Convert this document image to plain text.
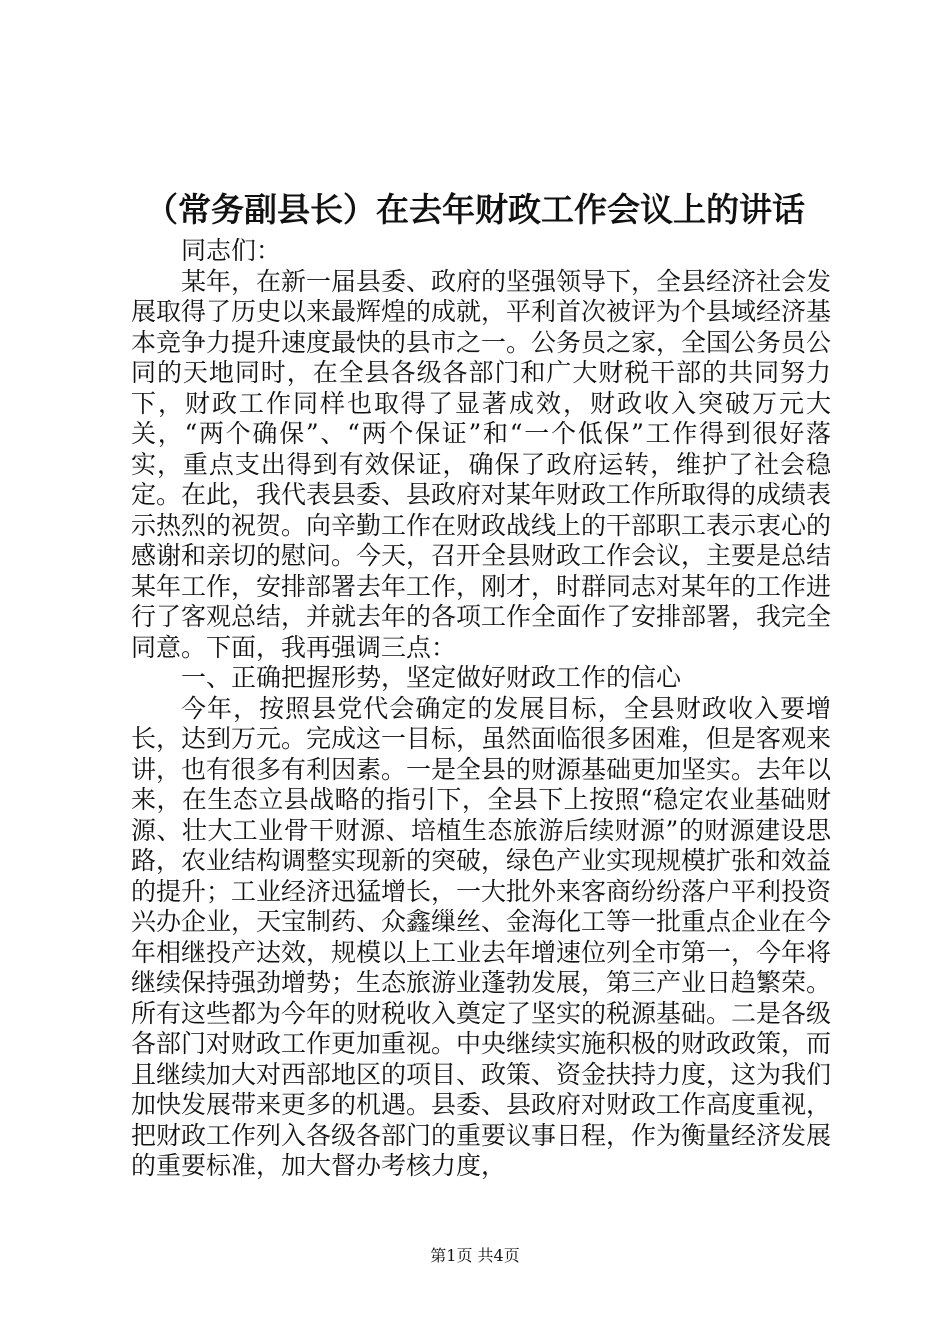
（常务副县长）在去年财政工作会议上的讲话

同志们：

某年，在新一届县委、政府的坚强领导下，全县经济社会发展取得了历史以来最辉煌的成就，平利首次被评为个县域经济基本竞争力提升速度最快的县市之一。公务员之家，全国公务员公同的天地同时，在全县各级各部门和广大财税干部的共同努力下，财政工作同样也取得了显著成效，财政收入突破万元大关，“两个确保”、“两个保证”和“一个低保”工作得到很好落实，重点支出得到有效保证，确保了政府运转，维护了社会稳定。在此，我代表县委、县政府对某年财政工作所取得的成绩表示热烈的祝贺。向辛勤工作在财政战线上的干部职工表示衷心的感谢和亲切的慰问。今天，召开全县财政工作会议，主要是总结某年工作，安排部署去年工作，刚才，时群同志对某年的工作进行了客观总结，并就去年的各项工作全面作了安排部署，我完全同意。下面，我再强调三点：

一、正确把握形势，坚定做好财政工作的信心

今年，按照县党代会确定的发展目标，全县财政收入要增长，达到万元。完成这一目标，虽然面临很多困难，但是客观来讲，也有很多有利因素。一是全县的财源基础更加坚实。去年以来，在生态立县战略的指引下，全县下上按照“稳定农业基础财源、壮大工业骨干财源、培植生态旅游后续财源”的财源建设思路，农业结构调整实现新的突破，绿色产业实现规模扩张和效益的提升；工业经济迅猛增长，一大批外来客商纷纷落户平利投资兴办企业，天宝制药、众鑫缫丝、金海化工等一批重点企业在今年相继投产达效，规模以上工业去年增速位列全市第一，今年将继续保持强劲增势；生态旅游业蓬勃发展，第三产业日趋繁荣。所有这些都为今年的财税收入奠定了坚实的税源基础。二是各级各部门对财政工作更加重视。中央继续实施积极的财政政策，而且继续加大对西部地区的项目、政策、资金扶持力度，这为我们加快发展带来更多的机遇。县委、县政府对财政工作高度重视，把财政工作列入各级各部门的重要议事日程，作为衡量经济发展的重要标准，加大督办考核力度，

第1页 共4页
